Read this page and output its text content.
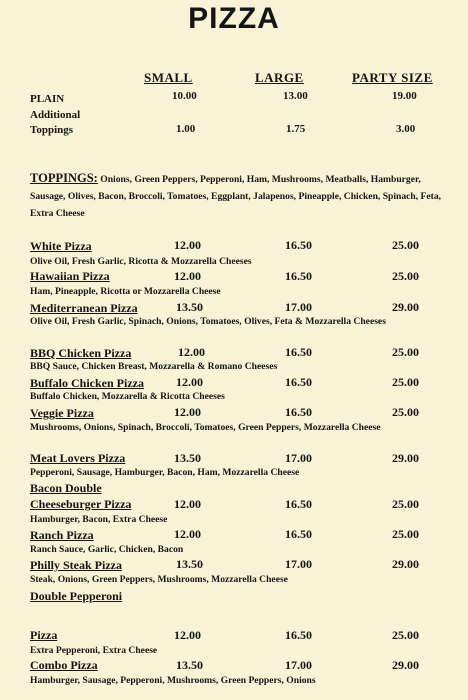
PIZZA
SMALL	LARGE	PARTY SIZE
PLAIN	10.00	13.00	19.00
Additional
Toppings	1.00	1.75	3.00
TOPPINGS: Onions, Green Peppers, Pepperoni, Ham, Mushrooms, Meatballs, Hamburger, Sausage, Olives, Bacon, Broccoli, Tomatoes, Eggplant, Jalapenos, Pineapple, Chicken, Spinach, Feta, Extra Cheese
White Pizza	12.00	16.50	25.00
Olive Oil, Fresh Garlic, Ricotta & Mozzarella Cheeses
Hawaiian Pizza	12.00	16.50	25.00
Ham, Pineapple, Ricotta or Mozzarella Cheese
Mediterranean Pizza	13.50	17.00	29.00
Olive Oil, Fresh Garlic, Spinach, Onions, Tomatoes, Olives, Feta & Mozzarella Cheeses
BBQ Chicken Pizza	12.00	16.50	25.00
BBQ Sauce, Chicken Breast, Mozzarella & Romano Cheeses
Buffalo Chicken Pizza	12.00	16.50	25.00
Buffalo Chicken, Mozzarella & Ricotta Cheeses
Veggie Pizza	12.00	16.50	25.00
Mushrooms, Onions, Spinach, Broccoli, Tomatoes, Green Peppers, Mozzarella Cheese
Meat Lovers Pizza	13.50	17.00	29.00
Pepperoni, Sausage, Hamburger, Bacon, Ham, Mozzarella Cheese
Bacon Double
Cheeseburger Pizza	12.00	16.50	25.00
Hamburger, Bacon, Extra Cheese
Ranch Pizza	12.00	16.50	25.00
Ranch Sauce, Garlic, Chicken, Bacon
Philly Steak Pizza	13.50	17.00	29.00
Steak, Onions, Green Peppers, Mushrooms, Mozzarella Cheese
Double Pepperoni
Pizza	12.00	16.50	25.00
Extra Pepperoni, Extra Cheese
Combo Pizza	13.50	17.00	29.00
Hamburger, Sausage, Pepperoni, Mushrooms, Green Peppers, Onions
